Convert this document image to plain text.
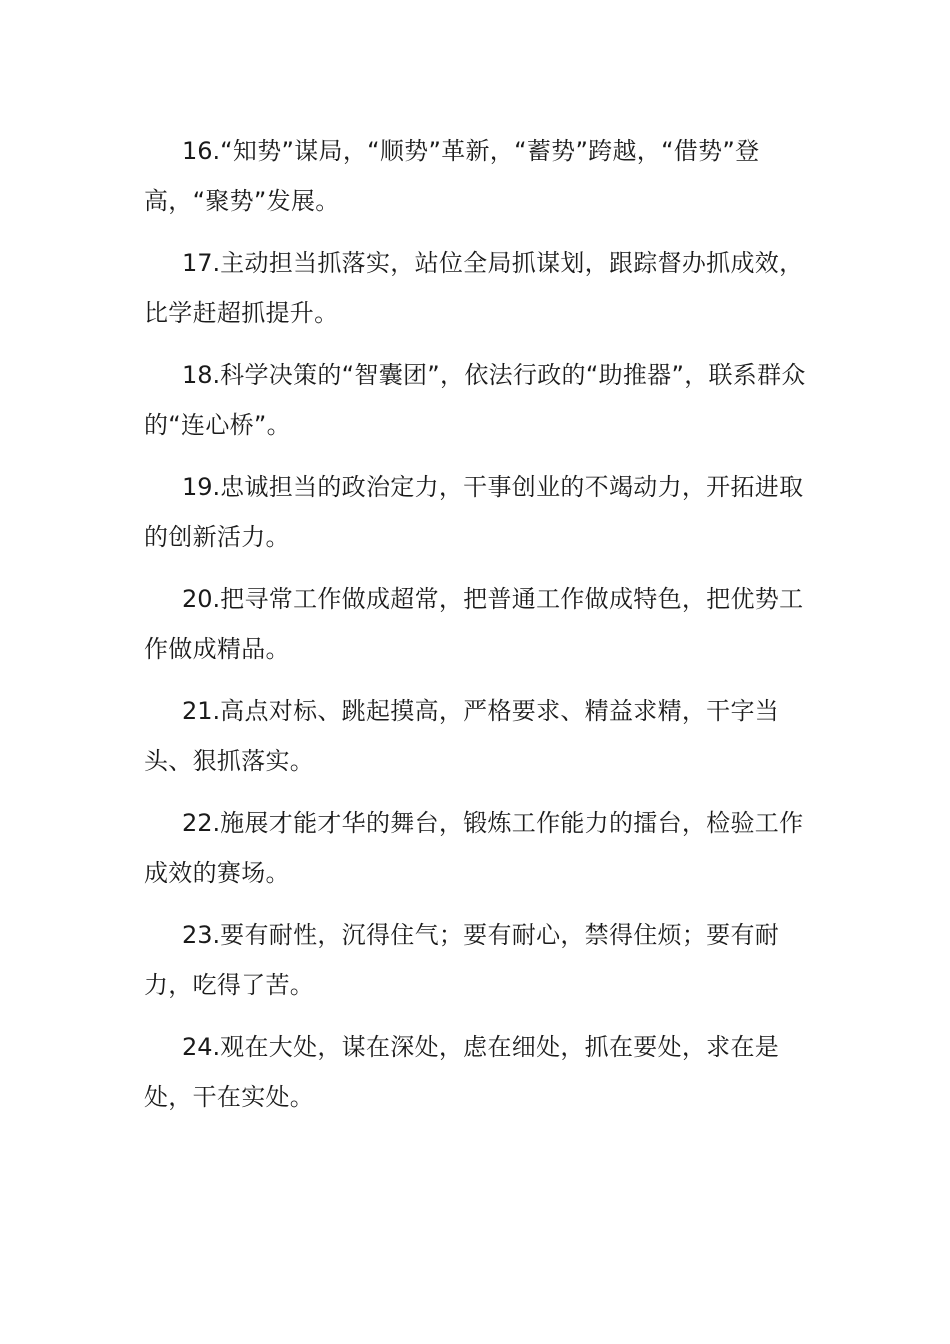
16.“知势”谋局，“顺势”革新，“蓄势”跨越，“借势”登高，“聚势”发展。

17.主动担当抓落实，站位全局抓谋划，跟踪督办抓成效，比学赶超抓提升。

18.科学决策的“智囊团”，依法行政的“助推器”，联系群众的“连心桥”。

19.忠诚担当的政治定力，干事创业的不竭动力，开拓进取的创新活力。

20.把寻常工作做成超常，把普通工作做成特色，把优势工作做成精品。

21.高点对标、跳起摸高，严格要求、精益求精，干字当头、狠抓落实。

22.施展才能才华的舞台，锻炼工作能力的擂台，检验工作成效的赛场。

23.要有耐性，沉得住气；要有耐心，禁得住烦；要有耐力，吃得了苦。

24.观在大处，谋在深处，虑在细处，抓在要处，求在是处，干在实处。
